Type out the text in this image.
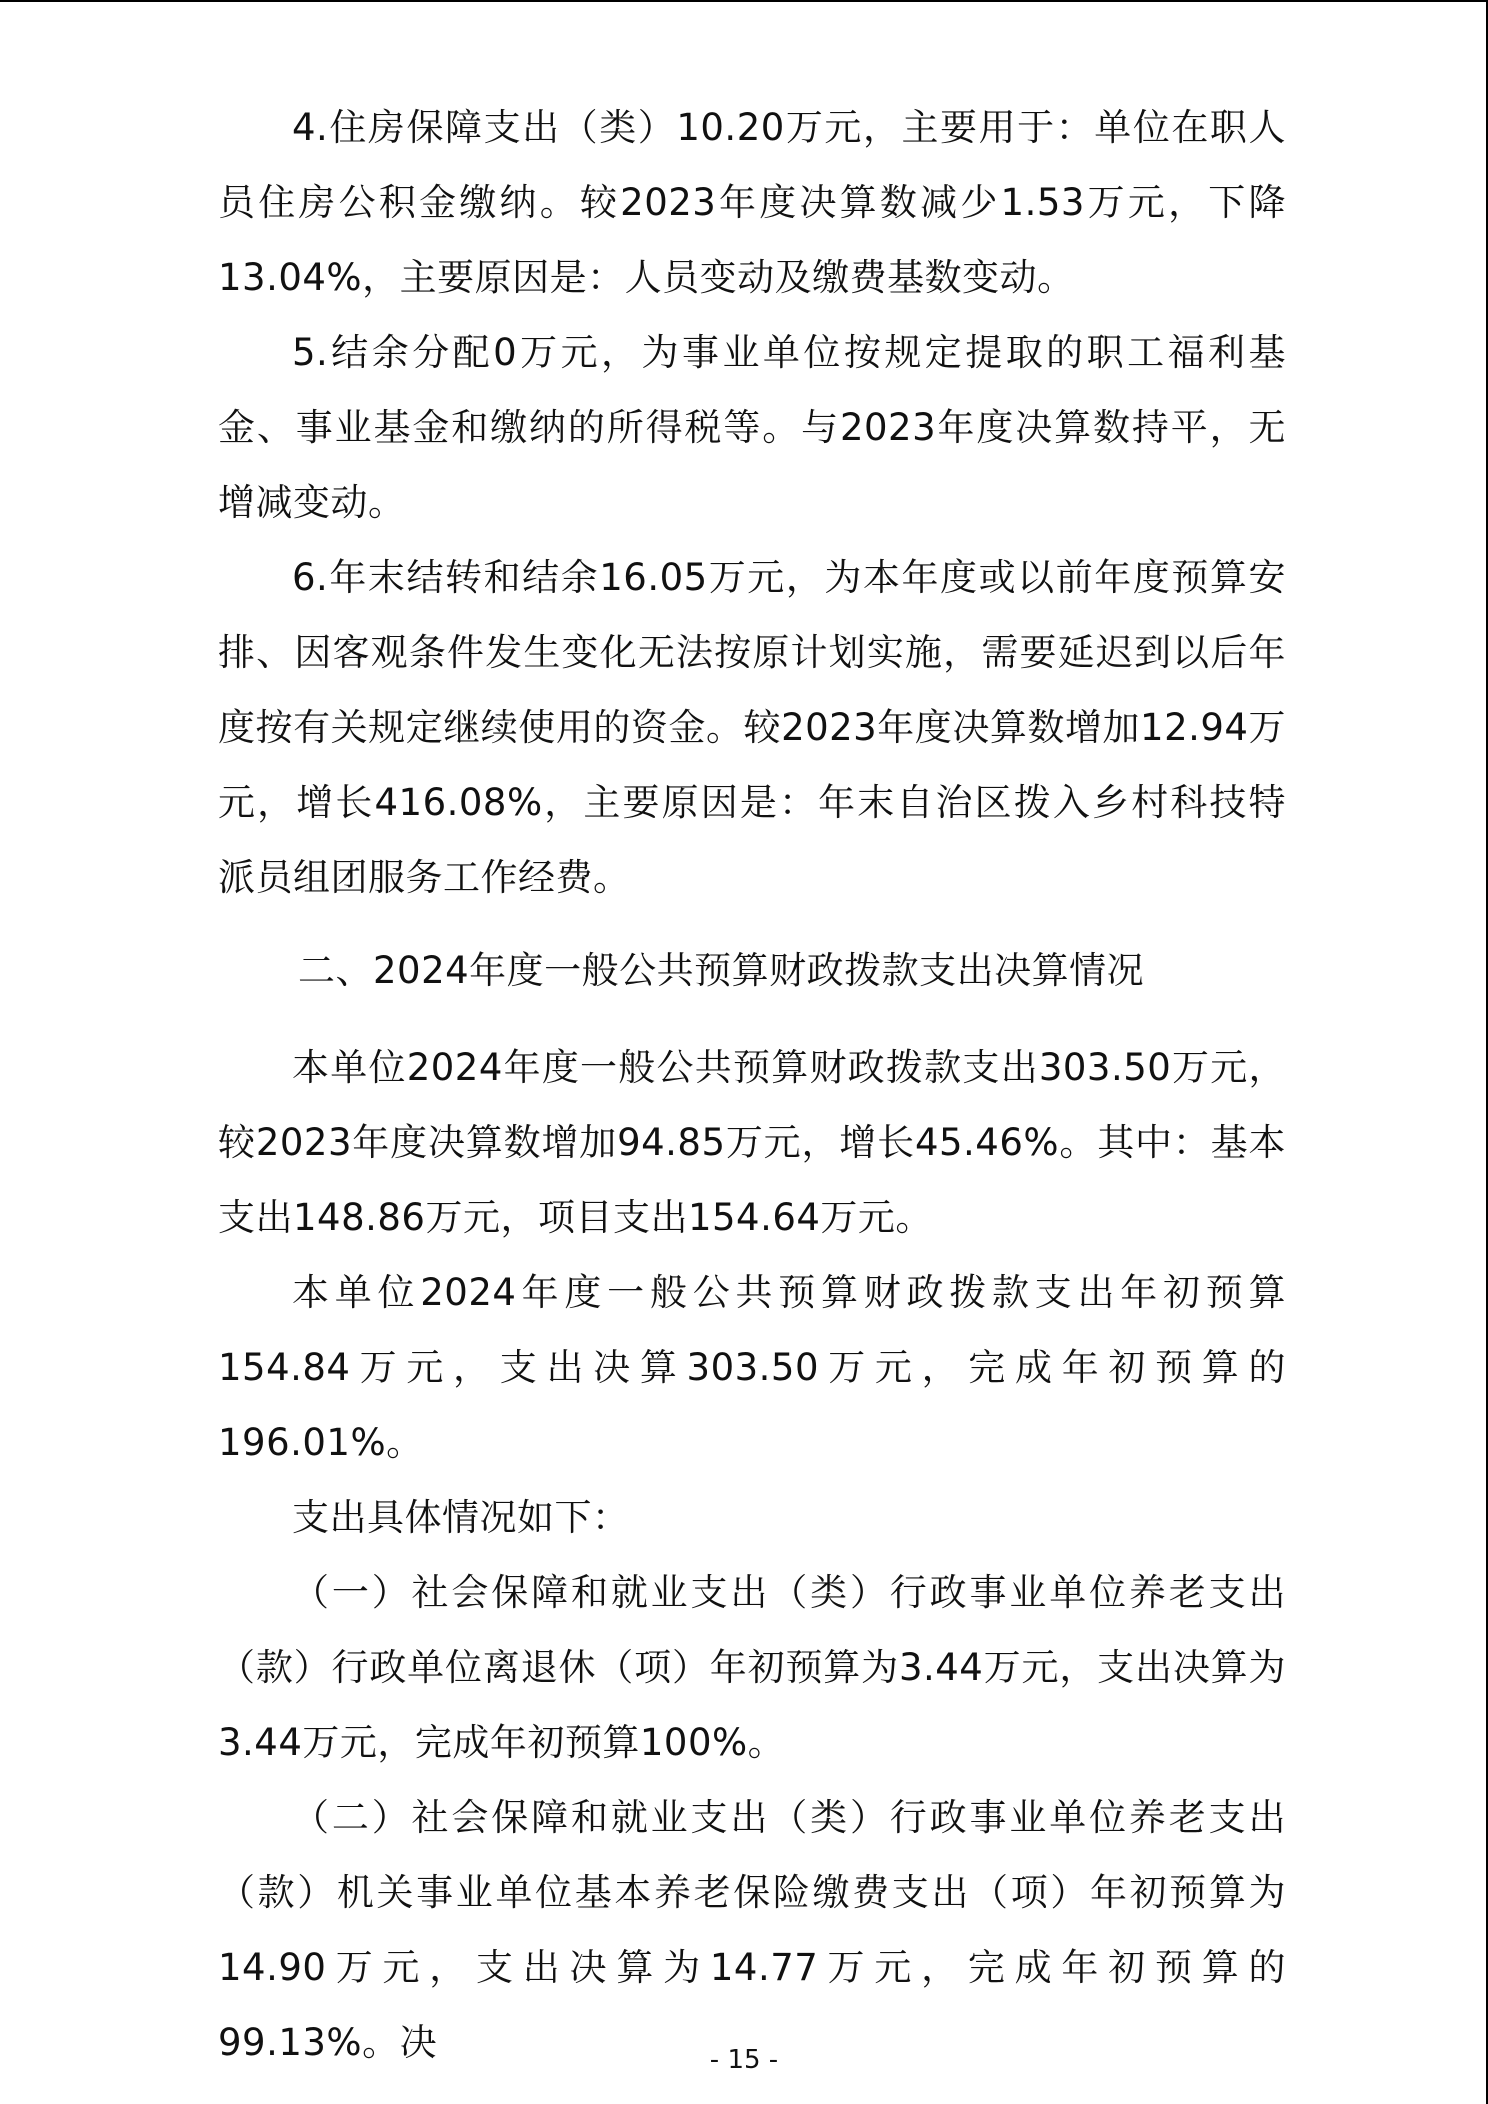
4.住房保障支出（类）10.20万元，主要用于：单位在职人员住房公积金缴纳。较2023年度决算数减少1.53万元，下降13.04%，主要原因是：人员变动及缴费基数变动。

5.结余分配0万元，为事业单位按规定提取的职工福利基金、事业基金和缴纳的所得税等。与2023年度决算数持平，无增减变动。

6.年末结转和结余16.05万元，为本年度或以前年度预算安排、因客观条件发生变化无法按原计划实施，需要延迟到以后年度按有关规定继续使用的资金。较2023年度决算数增加12.94万元，增长416.08%，主要原因是：年末自治区拨入乡村科技特派员组团服务工作经费。

二、2024年度一般公共预算财政拨款支出决算情况

本单位2024年度一般公共预算财政拨款支出303.50万元，较2023年度决算数增加94.85万元，增长45.46%。其中：基本支出148.86万元，项目支出154.64万元。

本单位2024年度一般公共预算财政拨款支出年初预算154.84万元，支出决算303.50万元，完成年初预算的196.01%。

支出具体情况如下：

（一）社会保障和就业支出（类）行政事业单位养老支出（款）行政单位离退休（项）年初预算为3.44万元，支出决算为3.44万元，完成年初预算100%。

（二）社会保障和就业支出（类）行政事业单位养老支出（款）机关事业单位基本养老保险缴费支出（项）年初预算为14.90万元，支出决算为14.77万元，完成年初预算的99.13%。决	- 15 -
